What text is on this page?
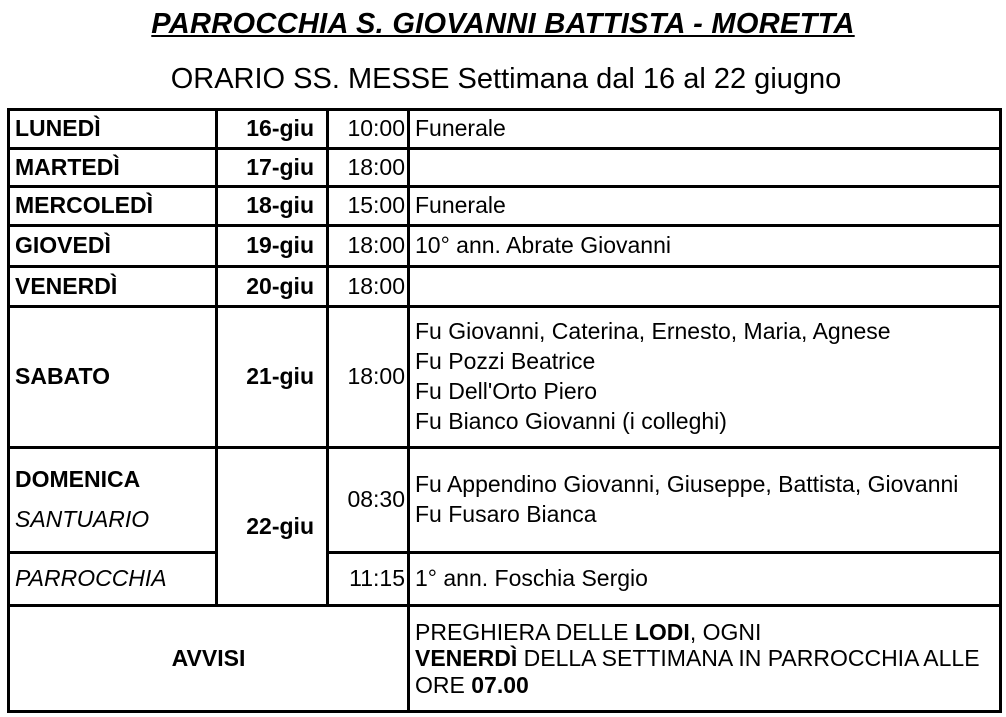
PARROCCHIA S. GIOVANNI BATTISTA - MORETTA
ORARIO SS. MESSE Settimana dal 16 al 22 giugno
LUNEDÌ	16-giu	10:00	Funerale

MARTEDÌ	17-giu	18:00	
MERCOLEDÌ	18-giu	15:00	Funerale

GIOVEDÌ	19-giu	18:00	10° ann. Abrate Giovanni

VENERDÌ	20-giu	18:00	
SABATO	21-giu	18:00	Fu Giovanni, Caterina, Ernesto, Maria, Agnese
Fu Pozzi Beatrice
Fu Dell'Orto Piero
Fu Bianco Giovanni (i colleghi)

DOMENICA
SANTUARIO	22-giu	08:30	Fu Appendino Giovanni, Giuseppe, Battista, Giovanni
Fu Fusaro Bianca

PARROCCHIA		11:15	1° ann. Foschia Sergio

AVVISI			PREGHIERA DELLE LODI, OGNI
VENERDÌ DELLA SETTIMANA IN PARROCCHIA ALLE ORE 07.00
